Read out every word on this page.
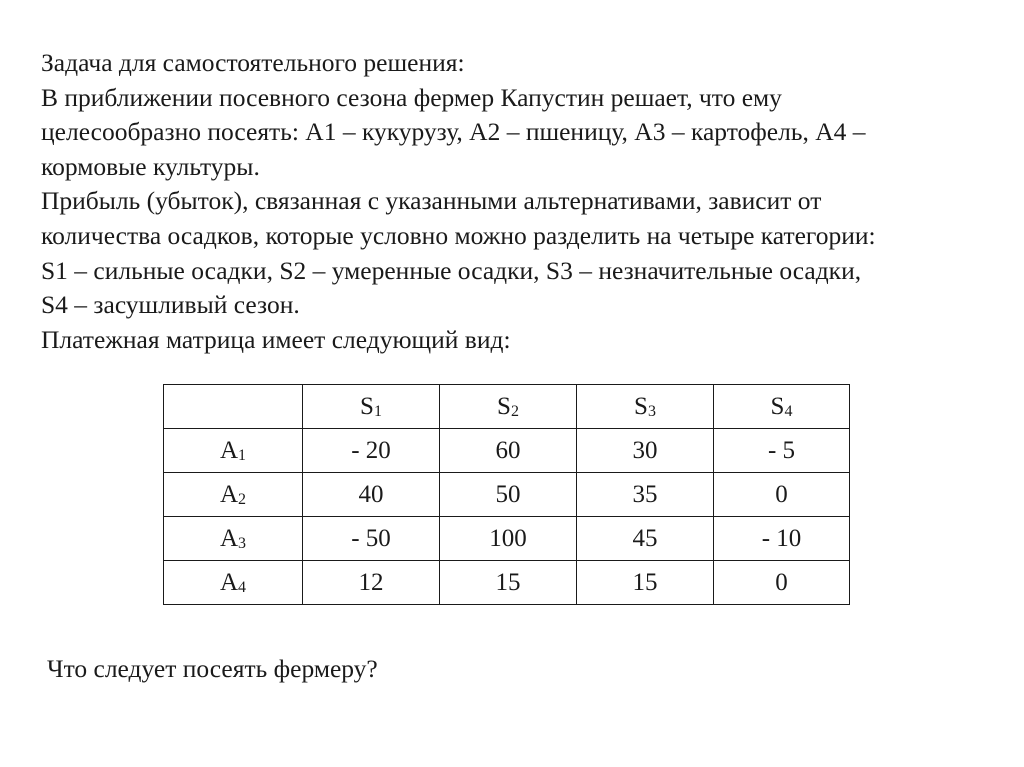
Задача для самостоятельного решения:
В приближении посевного сезона фермер Капустин решает, что ему
целесообразно посеять: А1 – кукурузу, А2 – пшеницу, А3 – картофель, А4 –
кормовые культуры.
Прибыль (убыток), связанная с указанными альтернативами, зависит от
количества осадков, которые условно можно разделить на четыре категории:
S1 – сильные осадки, S2 – умеренные осадки, S3 – незначительные осадки,
S4 – засушливый сезон.
Платежная матрица имеет следующий вид:
	S1	S2	S3	S4
А1	- 20	60	30	- 5
А2	40	50	35	0
А3	- 50	100	45	- 10
А4	12	15	15	0
Что следует посеять фермеру?
